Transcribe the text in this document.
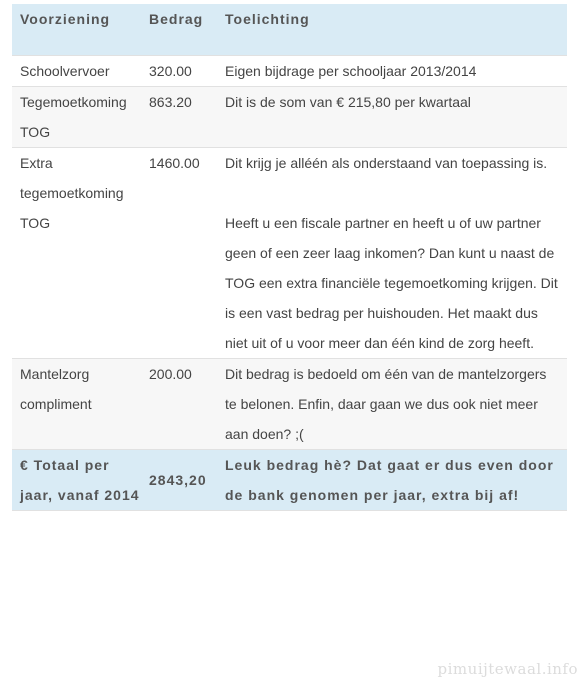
Voorziening	Bedrag	Toelichting
Schoolvervoer	320.00	Eigen bijdrage per schooljaar 2013/2014
Tegemoetkoming TOG	863.20	Dit is de som van € 215,80 per kwartaal
Extra tegemoetkoming TOG	1460.00	Dit krijg je alléén als onderstaand van toepassing is.
Heeft u een fiscale partner en heeft u of uw partner geen of een zeer laag inkomen? Dan kunt u naast de TOG een extra financiële tegemoetkoming krijgen. Dit is een vast bedrag per huishouden. Het maakt dus niet uit of u voor meer dan één kind de zorg heeft.

Mantelzorg compliment	200.00	Dit bedrag is bedoeld om één van de mantelzorgers te belonen. Enfin, daar gaan we dus ook niet meer aan doen? ;(
€ Totaal per jaar, vanaf 2014	2843,20	Leuk bedrag hè? Dat gaat er dus even door de bank genomen per jaar, extra bij af!
pimuijtewaal.info
